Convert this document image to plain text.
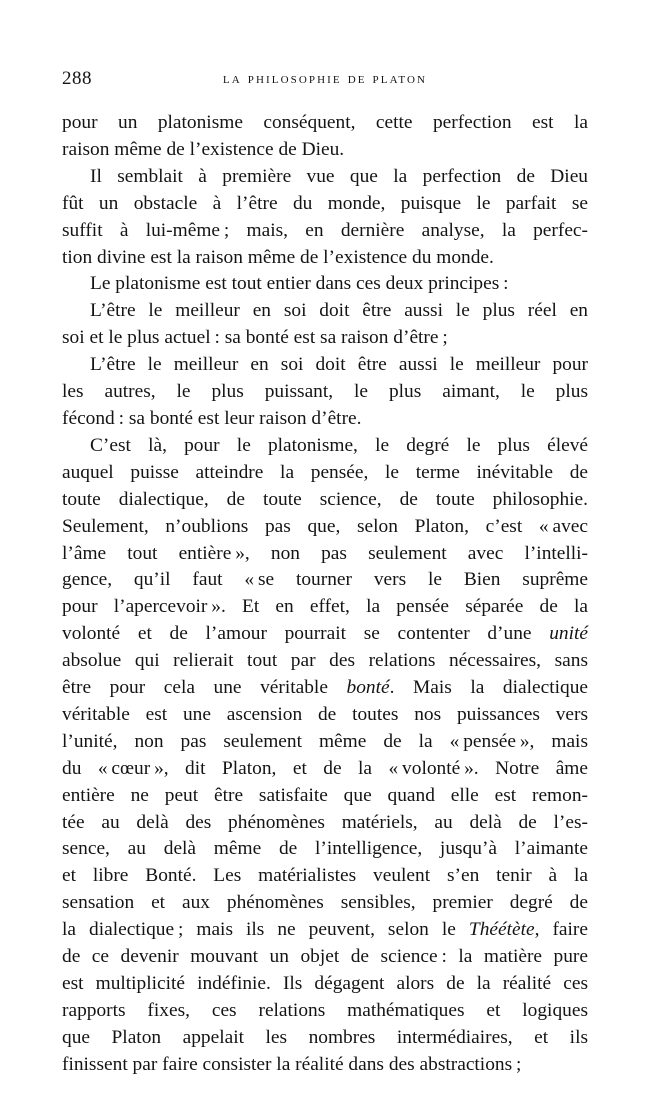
288	la philosophie de platon

pour un platonisme conséquent, cette perfection est la
raison même de l’existence de Dieu.

Il semblait à première vue que la perfection de Dieu
fût un obstacle à l’être du monde, puisque le parfait se
suffit à lui-même ; mais, en dernière analyse, la perfec-
tion divine est la raison même de l’existence du monde.

Le platonisme est tout entier dans ces deux principes :

L’être le meilleur en soi doit être aussi le plus réel en
soi et le plus actuel : sa bonté est sa raison d’être ;

L’être le meilleur en soi doit être aussi le meilleur pour
les autres, le plus puissant, le plus aimant, le plus
fécond : sa bonté est leur raison d’être.

C’est là, pour le platonisme, le degré le plus élevé
auquel puisse atteindre la pensée, le terme inévitable de
toute dialectique, de toute science, de toute philosophie.
Seulement, n’oublions pas que, selon Platon, c’est « avec
l’âme tout entière », non pas seulement avec l’intelli-
gence, qu’il faut « se tourner vers le Bien suprême
pour l’apercevoir ». Et en effet, la pensée séparée de la
volonté et de l’amour pourrait se contenter d’une unité
absolue qui relierait tout par des relations nécessaires, sans
être pour cela une véritable bonté. Mais la dialectique
véritable est une ascension de toutes nos puissances vers
l’unité, non pas seulement même de la « pensée », mais
du « cœur », dit Platon, et de la « volonté ». Notre âme
entière ne peut être satisfaite que quand elle est remon-
tée au delà des phénomènes matériels, au delà de l’es-
sence, au delà même de l’intelligence, jusqu’à l’aimante
et libre Bonté. Les matérialistes veulent s’en tenir à la
sensation et aux phénomènes sensibles, premier degré de
la dialectique ; mais ils ne peuvent, selon le Théétète, faire
de ce devenir mouvant un objet de science : la matière pure
est multiplicité indéfinie. Ils dégagent alors de la réalité ces
rapports fixes, ces relations mathématiques et logiques
que Platon appelait les nombres intermédiaires, et ils
finissent par faire consister la réalité dans des abstractions ;
